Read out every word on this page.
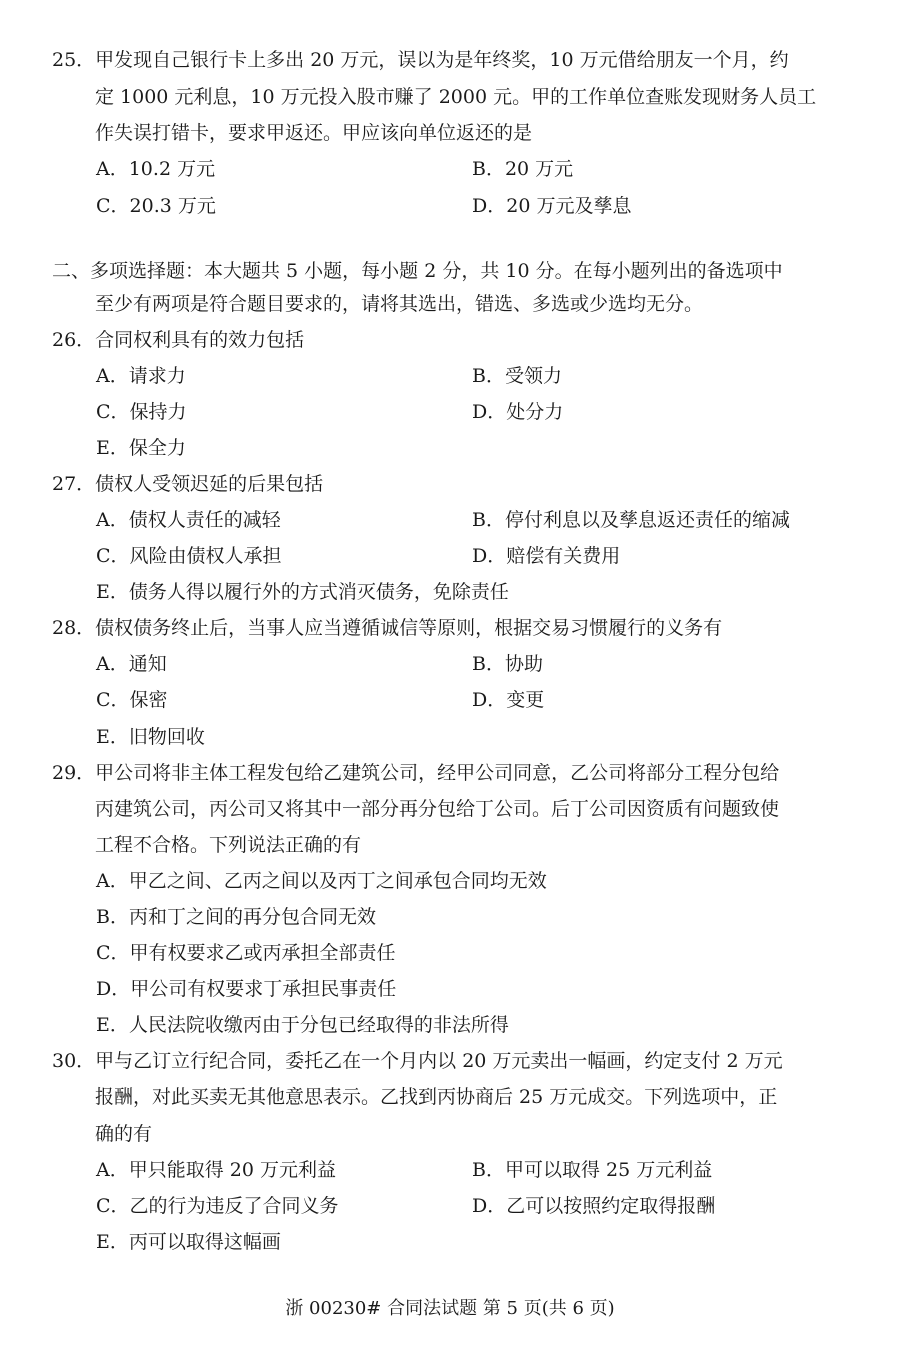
25．甲发现自己银行卡上多出 20 万元，误以为是年终奖，10 万元借给朋友一个月，约
定 1000 元利息，10 万元投入股市赚了 2000 元。甲的工作单位查账发现财务人员工
作失误打错卡，要求甲返还。甲应该向单位返还的是
A．10.2 万元	B．20 万元
C．20.3 万元	D．20 万元及孳息
二、多项选择题：本大题共 5 小题，每小题 2 分，共 10 分。在每小题列出的备选项中
至少有两项是符合题目要求的，请将其选出，错选、多选或少选均无分。
26．合同权利具有的效力包括
A．请求力	B．受领力
C．保持力	D．处分力
E．保全力
27．债权人受领迟延的后果包括
A．债权人责任的减轻	B．停付利息以及孳息返还责任的缩减
C．风险由债权人承担	D．赔偿有关费用
E．债务人得以履行外的方式消灭债务，免除责任
28．债权债务终止后，当事人应当遵循诚信等原则，根据交易习惯履行的义务有
A．通知	B．协助
C．保密	D．变更
E．旧物回收
29．甲公司将非主体工程发包给乙建筑公司，经甲公司同意，乙公司将部分工程分包给
丙建筑公司，丙公司又将其中一部分再分包给丁公司。后丁公司因资质有问题致使
工程不合格。下列说法正确的有
A．甲乙之间、乙丙之间以及丙丁之间承包合同均无效
B．丙和丁之间的再分包合同无效
C．甲有权要求乙或丙承担全部责任
D．甲公司有权要求丁承担民事责任
E．人民法院收缴丙由于分包已经取得的非法所得
30．甲与乙订立行纪合同，委托乙在一个月内以 20 万元卖出一幅画，约定支付 2 万元
报酬，对此买卖无其他意思表示。乙找到丙协商后 25 万元成交。下列选项中，正
确的有
A．甲只能取得 20 万元利益	B．甲可以取得 25 万元利益
C．乙的行为违反了合同义务	D．乙可以按照约定取得报酬
E．丙可以取得这幅画
浙 00230# 合同法试题 第 5 页(共 6 页)
